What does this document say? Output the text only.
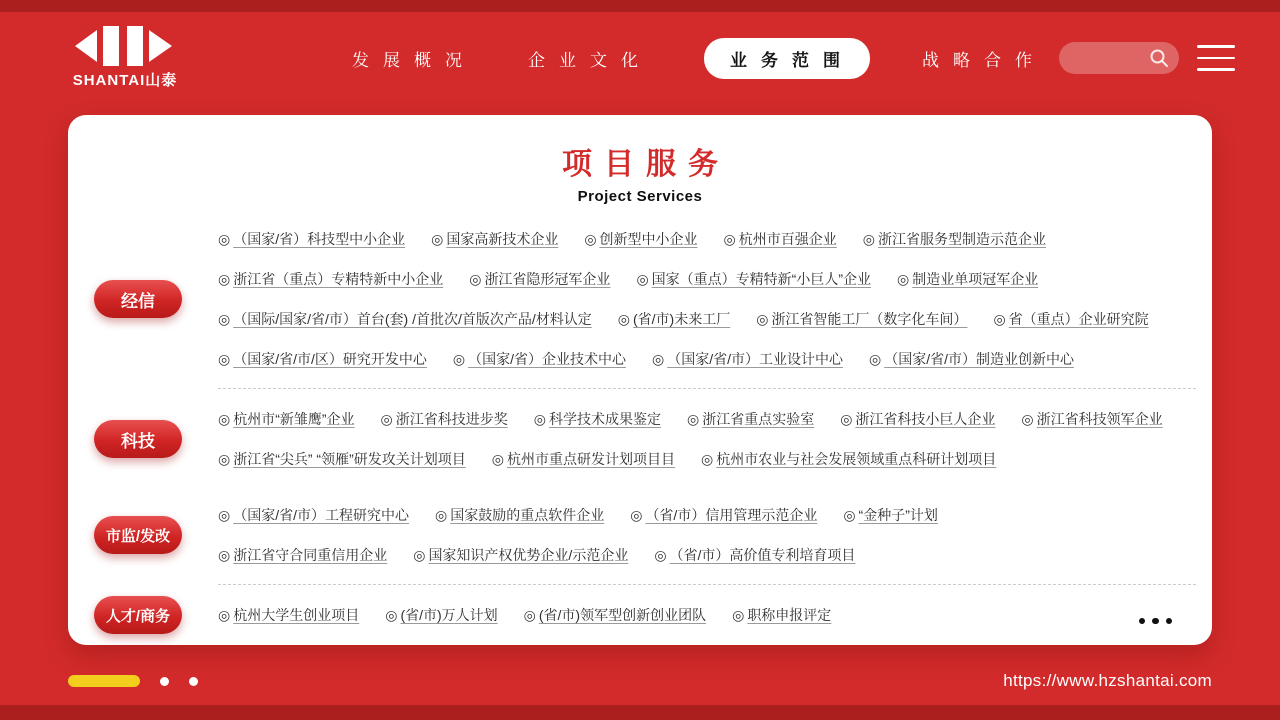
SHANTAI山泰
发展概况	企业文化	业务范围	战略合作
项目服务
Project Services
经信
◎ （国家/省）科技型中小企业 ◎ 国家高新技术企业 ◎ 创新型中小企业 ◎ 杭州市百强企业 ◎ 浙江省服务型制造示范企业
◎ 浙江省（重点）专精特新中小企业 ◎ 浙江省隐形冠军企业 ◎ 国家（重点）专精特新“小巨人”企业 ◎ 制造业单项冠军企业
◎ （国际/国家/省/市）首台(套) /首批次/首版次产品/材料认定 ◎ (省/市)未来工厂 ◎ 浙江省智能工厂（数字化车间） ◎ 省（重点）企业研究院
◎ （国家/省/市/区）研究开发中心 ◎ （国家/省）企业技术中心 ◎ （国家/省/市）工业设计中心 ◎ （国家/省/市）制造业创新中心
科技
◎ 杭州市“新雏鹰”企业 ◎ 浙江省科技进步奖 ◎ 科学技术成果鉴定 ◎ 浙江省重点实验室 ◎ 浙江省科技小巨人企业 ◎ 浙江省科技领军企业
◎ 浙江省“尖兵” “领雁”研发攻关计划项目 ◎ 杭州市重点研发计划项目目 ◎ 杭州市农业与社会发展领域重点科研计划项目
市监/发改
◎ （国家/省/市）工程研究中心 ◎ 国家鼓励的重点软件企业 ◎ （省/市）信用管理示范企业 ◎ “金种子”计划
◎ 浙江省守合同重信用企业 ◎ 国家知识产权优势企业/示范企业 ◎ （省/市）高价值专利培育项目
人才/商务	◎ 杭州大学生创业项目 ◎ (省/市)万人计划 ◎ (省/市)领军型创新创业团队 ◎ 职称申报评定
https://www.hzshantai.com
